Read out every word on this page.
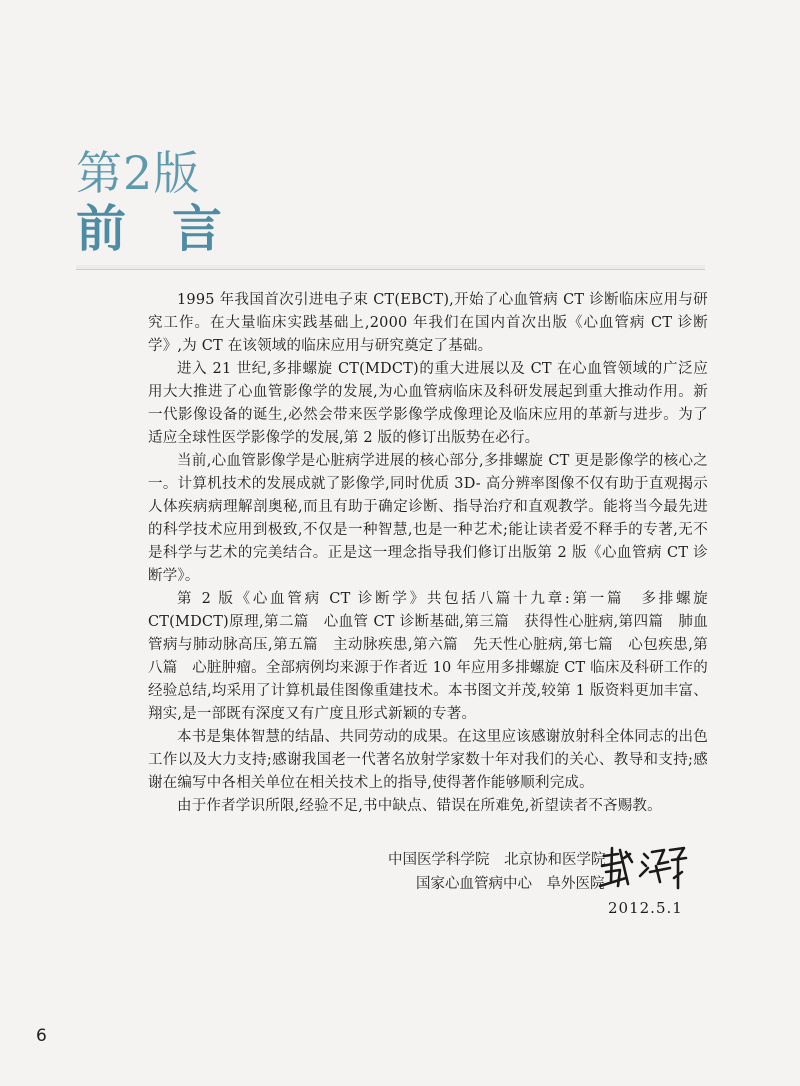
第2版
前言

1995 年我国首次引进电子束 CT(EBCT),开始了心血管病 CT 诊断临床应用与研究工作。在大量临床实践基础上,2000 年我们在国内首次出版《心血管病 CT 诊断学》,为 CT 在该领域的临床应用与研究奠定了基础。

进入 21 世纪,多排螺旋 CT(MDCT)的重大进展以及 CT 在心血管领域的广泛应用大大推进了心血管影像学的发展,为心血管病临床及科研发展起到重大推动作用。新一代影像设备的诞生,必然会带来医学影像学成像理论及临床应用的革新与进步。为了适应全球性医学影像学的发展,第 2 版的修订出版势在必行。

当前,心血管影像学是心脏病学进展的核心部分,多排螺旋 CT 更是影像学的核心之一。计算机技术的发展成就了影像学,同时优质 3D- 高分辨率图像不仅有助于直观揭示人体疾病病理解剖奥秘,而且有助于确定诊断、指导治疗和直观教学。能将当今最先进的科学技术应用到极致,不仅是一种智慧,也是一种艺术;能让读者爱不释手的专著,无不是科学与艺术的完美结合。正是这一理念指导我们修订出版第 2 版《心血管病 CT 诊断学》。

第 2 版《心血管病 CT 诊断学》共包括八篇十九章:第一篇　多排螺旋 CT(MDCT)原理,第二篇　心血管 CT 诊断基础,第三篇　获得性心脏病,第四篇　肺血管病与肺动脉高压,第五篇　主动脉疾患,第六篇　先天性心脏病,第七篇　心包疾患,第八篇　心脏肿瘤。全部病例均来源于作者近 10 年应用多排螺旋 CT 临床及科研工作的经验总结,均采用了计算机最佳图像重建技术。本书图文并茂,较第 1 版资料更加丰富、翔实,是一部既有深度又有广度且形式新颖的专著。

本书是集体智慧的结晶、共同劳动的成果。在这里应该感谢放射科全体同志的出色工作以及大力支持;感谢我国老一代著名放射学家数十年对我们的关心、教导和支持;感谢在编写中各相关单位在相关技术上的指导,使得著作能够顺利完成。

由于作者学识所限,经验不足,书中缺点、错误在所难免,祈望读者不吝赐教。

中国医学科学院　北京协和医学院
国家心血管病中心　阜外医院
2012.5.1
6
